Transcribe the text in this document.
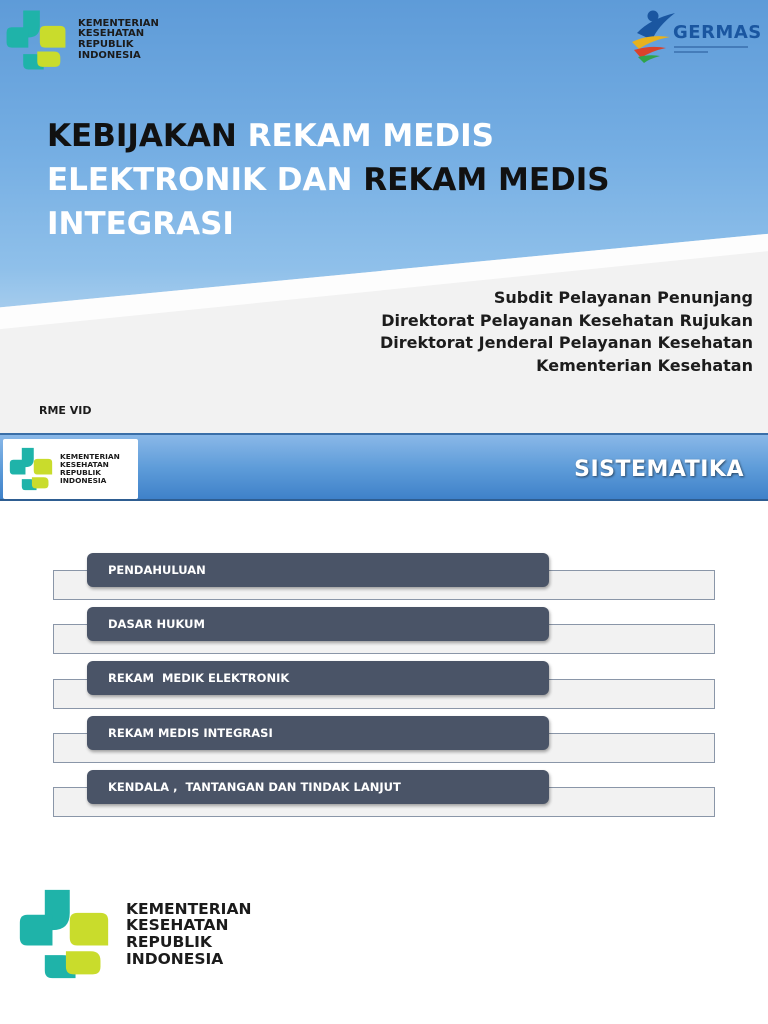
KEMENTERIAN
KESEHATAN
REPUBLIK
INDONESIA
GERMAS
KEBIJAKAN REKAM MEDIS
ELEKTRONIK DAN REKAM MEDIS
INTEGRASI
Subdit Pelayanan Penunjang
Direktorat Pelayanan Kesehatan Rujukan
Direktorat Jenderal Pelayanan Kesehatan
Kementerian Kesehatan
RME VID
KEMENTERIAN
KESEHATAN
REPUBLIK
INDONESIA	SISTEMATIKA
PENDAHULUAN
DASAR HUKUM
REKAM  MEDIK ELEKTRONIK
REKAM MEDIS INTEGRASI
KENDALA ,  TANTANGAN DAN TINDAK LANJUT
KEMENTERIAN
KESEHATAN
REPUBLIK
INDONESIA
